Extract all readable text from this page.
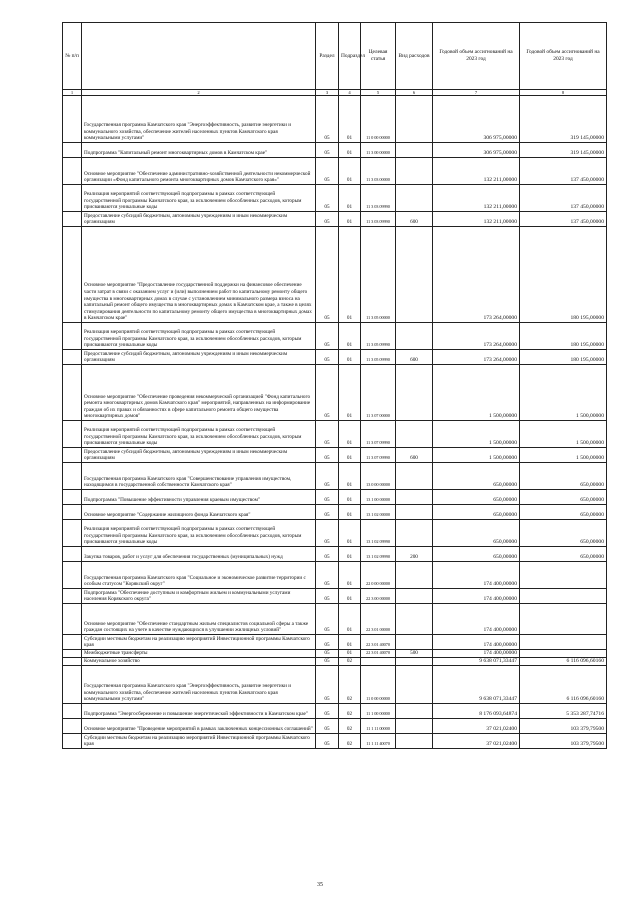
№ п/п		Раздел	Подраздел	Целевая статья	Вид расходов	Годовой объем ассигнований на 2023 год	Годовой объем ассигнований на 2023 год
1	2	3	4	5	6	7	8
	Государственная программа Камчатского края "Энергоэффективность, развитие энергетики и коммунального хозяйства, обеспечение жителей населенных пунктов Камчатского края коммунальными услугами"	05	01	11 0 00 00000		306 975,00000	319 145,00000
	Подпрограмма "Капитальный ремонт многоквартирных домов в Камчатском крае"	05	01	11 3 00 00000		306 975,00000	319 145,00000
	Основное мероприятие "Обеспечение административно-хозяйственной деятельности некоммерческой организации «Фонд капитального ремонта многоквартирных домов Камчатского края»"	05	01	11 3 03 00000		132 211,00000	137 450,00000
	Реализация мероприятий соответствующей подпрограммы в рамках соответствующей государственной программы Камчатского края, за исключением обособленных расходов, которым присваиваются уникальные коды	05	01	11 3 03 09990		132 211,00000	137 450,00000
	Предоставление субсидий бюджетным, автономным учреждениям и иным некоммерческим организациям	05	01	11 3 03 09990	600	132 211,00000	137 450,00000
	Основное мероприятие "Предоставление государственной поддержки на финансовое обеспечение части затрат в связи с оказанием услуг и (или) выполнением работ по капитальному ремонту общего имущества в многоквартирных домах в случае с установлением минимального размера взноса на капитальный ремонт общего имущества в многоквартирных домах в Камчатском крае, а также в целях стимулирования деятельности по капитальному ремонту общего имущества в многоквартирных домах в Камчатском крае"	05	01	11 3 05 00000		173 264,00000	180 195,00000
	Реализация мероприятий соответствующей подпрограммы в рамках соответствующей государственной программы Камчатского края, за исключением обособленных расходов, которым присваиваются уникальные коды	05	01	11 3 05 09990		173 264,00000	180 195,00000
	Предоставление субсидий бюджетным, автономным учреждениям и иным некоммерческим организациям	05	01	11 3 05 09990	600	173 264,00000	180 195,00000
	Основное мероприятие "Обеспечение проведения некоммерческой организацией "Фонд капитального ремонта многоквартирных домов Камчатского края" мероприятий, направленных на информирование граждан об их правах и обязанностях в сфере капитального ремонта общего имущества многоквартирных домов"	05	01	11 3 07 00000		1 500,00000	1 500,00000
	Реализация мероприятий соответствующей подпрограммы в рамках соответствующей государственной программы Камчатского края, за исключением обособленных расходов, которым присваиваются уникальные коды	05	01	11 3 07 09990		1 500,00000	1 500,00000
	Предоставление субсидий бюджетным, автономным учреждениям и иным некоммерческим организациям	05	01	11 3 07 09990	600	1 500,00000	1 500,00000
	Государственная программа Камчатского края "Совершенствование управления имуществом, находящимся в государственной собственности Камчатского края"	05	01	13 0 00 00000		650,00000	650,00000
	Подпрограмма "Повышение эффективности управления краевым имуществом"	05	01	13 1 00 00000		650,00000	650,00000
	Основное мероприятие "Содержание жилищного фонда Камчатского края"	05	01	13 1 02 00000		650,00000	650,00000
	Реализация мероприятий соответствующей подпрограммы в рамках соответствующей государственной программы Камчатского края, за исключением обособленных расходов, которым присваиваются уникальные коды	05	01	13 1 02 09990		650,00000	650,00000
	Закупка товаров, работ и услуг для обеспечения государственных (муниципальных) нужд	05	01	13 1 02 09990	200	650,00000	650,00000
	Государственная программа Камчатского края "Социальное и экономическое развитие территории с особым статусом "Корякский округ"	05	01	22 0 00 00000		174 400,00000	
	Подпрограмма "Обеспечение доступным и комфортным жильем и коммунальными услугами населения Корякского округа"	05	01	22 3 00 00000		174 400,00000	
	Основное мероприятие "Обеспечение стандартным жильем специалистов социальной сферы а также граждан состоящих на учете в качестве нуждающихся в улучшении жилищных условий"	05	01	22 3 01 00000		174 400,00000	
	Субсидии местным бюджетам на реализацию мероприятий Инвестиционной программы Камчатского края	05	01	22 3 01 40070		174 400,00000	
	Межбюджетные трансферты	05	01	22 3 01 40070	500	174 400,00000	
	Коммунальное хозяйство	05	02			9 638 071,33447	6 116 096,60160
	Государственная программа Камчатского края "Энергоэффективность, развитие энергетики и коммунального хозяйства, обеспечение жителей населенных пунктов Камчатского края коммунальными услугами"	05	02	11 0 00 00000		9 638 071,33447	6 116 096,60160
	Подпрограмма "Энергосбережение и повышение энергетической эффективности в Камчатском крае"	05	02	11 1 00 00000		8 176 093,64874	5 353 287,74716
	Основное мероприятие "Проведение мероприятий в рамках заключенных концессионных соглашений"	05	02	11 1 11 00000		37 021,02400	103 379,79500
	Субсидии местным бюджетам на реализацию мероприятий Инвестиционной программы Камчатского края	05	02	11 1 11 40070		37 021,02400	103 379,79500
35
